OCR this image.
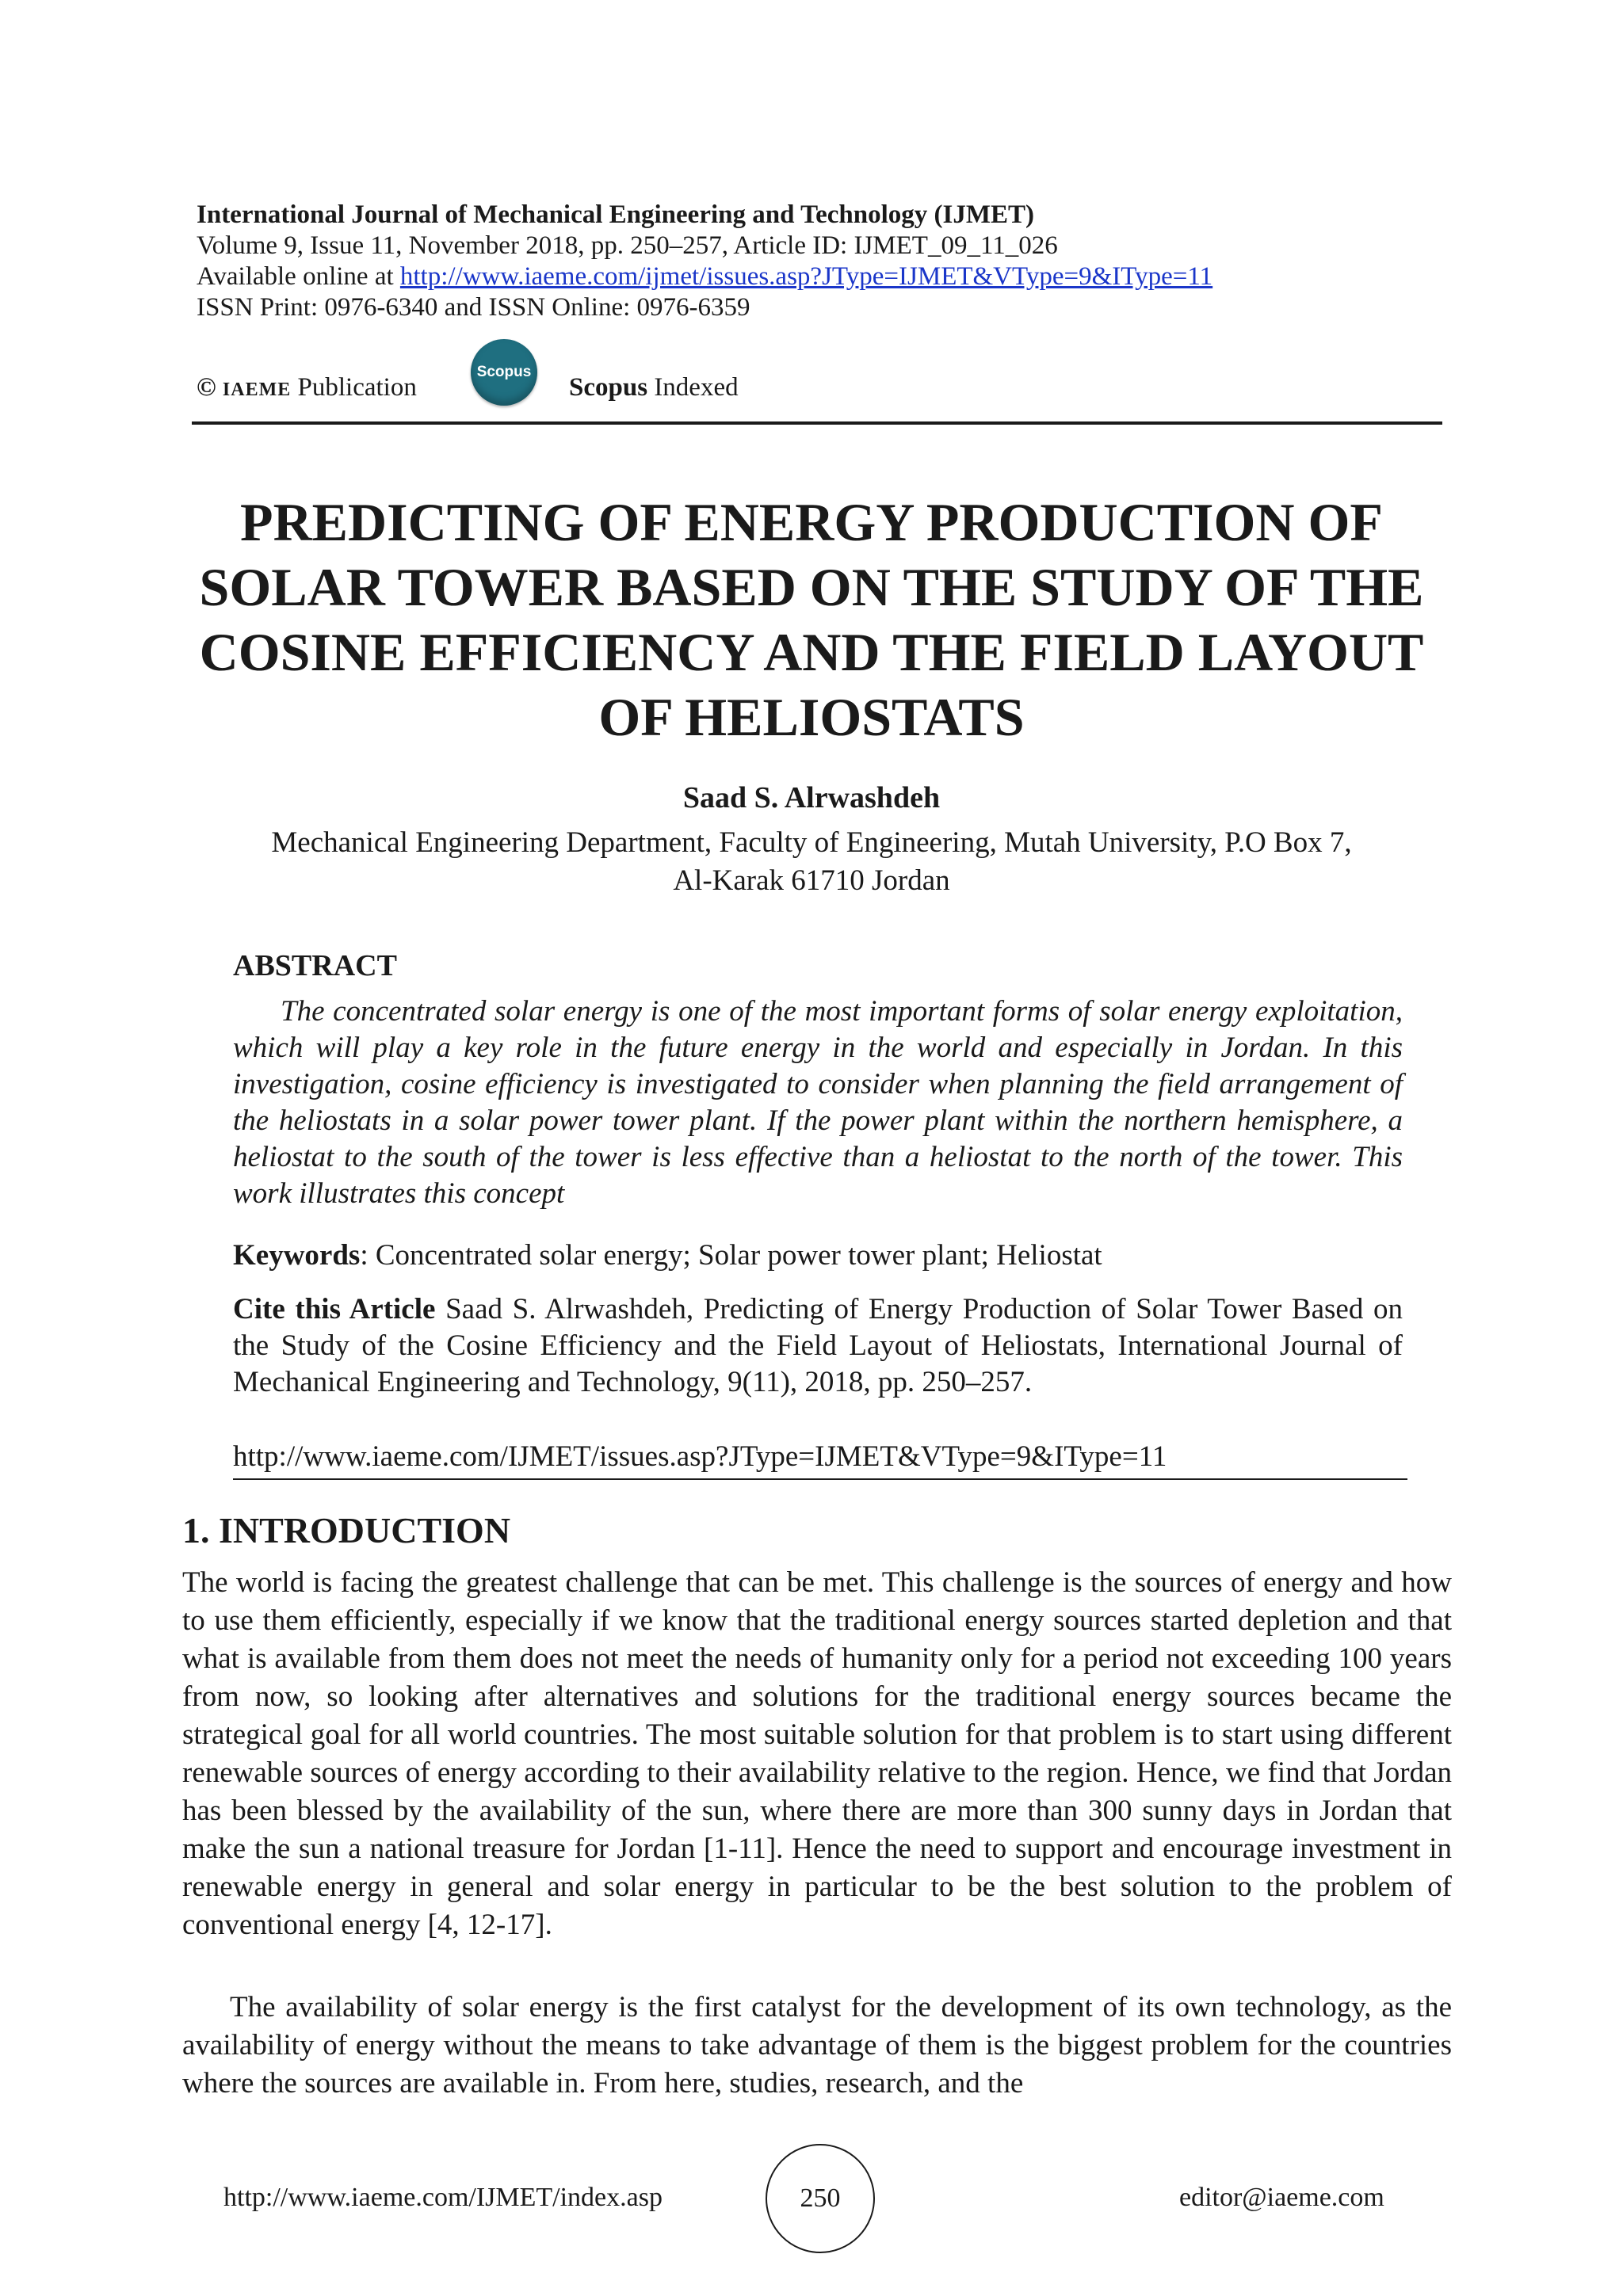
International Journal of Mechanical Engineering and Technology (IJMET)
Volume 9, Issue 11, November 2018, pp. 250–257, Article ID: IJMET_09_11_026
Available online at http://www.iaeme.com/ijmet/issues.asp?JType=IJMET&VType=9&IType=11
ISSN Print: 0976-6340 and ISSN Online: 0976-6359
© IAEME Publication
Scopus
Scopus Indexed
PREDICTING OF ENERGY PRODUCTION OF
SOLAR TOWER BASED ON THE STUDY OF THE
COSINE EFFICIENCY AND THE FIELD LAYOUT
OF HELIOSTATS
Saad S. Alrwashdeh
Mechanical Engineering Department, Faculty of Engineering, Mutah University, P.O Box 7,
Al-Karak 61710 Jordan
ABSTRACT
The concentrated solar energy is one of the most important forms of solar energy exploitation, which will play a key role in the future energy in the world and especially in Jordan. In this investigation, cosine efficiency is investigated to consider when planning the field arrangement of the heliostats in a solar power tower plant. If the power plant within the northern hemisphere, a heliostat to the south of the tower is less effective than a heliostat to the north of the tower. This work illustrates this concept
Keywords: Concentrated solar energy; Solar power tower plant; Heliostat
Cite this Article Saad S. Alrwashdeh, Predicting of Energy Production of Solar Tower Based on the Study of the Cosine Efficiency and the Field Layout of Heliostats, International Journal of Mechanical Engineering and Technology, 9(11), 2018, pp. 250–257.
http://www.iaeme.com/IJMET/issues.asp?JType=IJMET&VType=9&IType=11
1. INTRODUCTION
The world is facing the greatest challenge that can be met. This challenge is the sources of energy and how to use them efficiently, especially if we know that the traditional energy sources started depletion and that what is available from them does not meet the needs of humanity only for a period not exceeding 100 years from now, so looking after alternatives and solutions for the traditional energy sources became the strategical goal for all world countries. The most suitable solution for that problem is to start using different renewable sources of energy according to their availability relative to the region. Hence, we find that Jordan has been blessed by the availability of the sun, where there are more than 300 sunny days in Jordan that make the sun a national treasure for Jordan [1-11]. Hence the need to support and encourage investment in renewable energy in general and solar energy in particular to be the best solution to the problem of conventional energy [4, 12-17].
The availability of solar energy is the first catalyst for the development of its own technology, as the availability of energy without the means to take advantage of them is the biggest problem for the countries where the sources are available in. From here, studies, research, and the
http://www.iaeme.com/IJMET/index.asp	250	editor@iaeme.com
